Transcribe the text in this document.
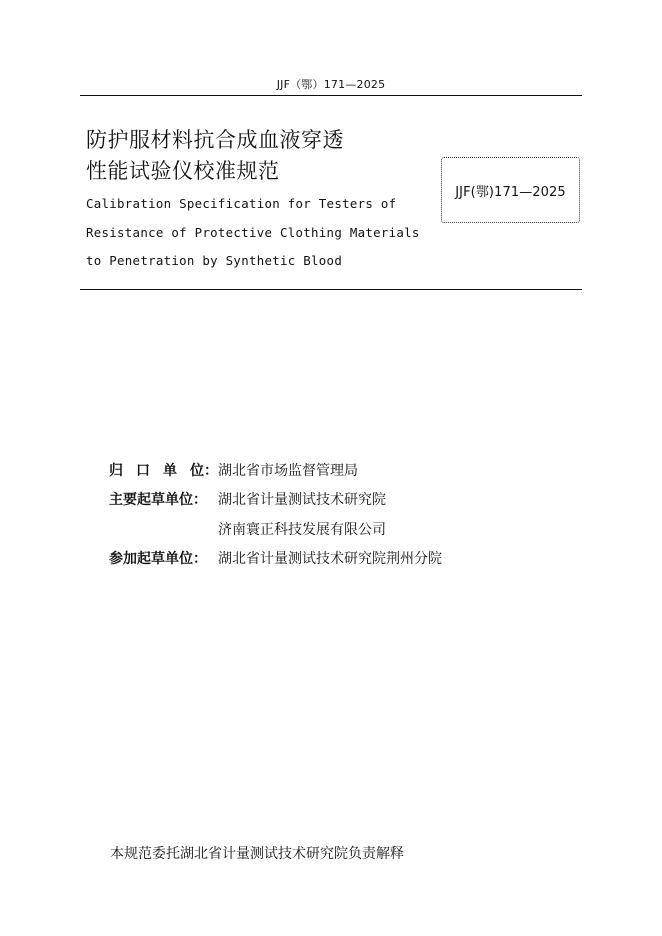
JJF（鄂）171—2025
防护服材料抗合成血液穿透
性能试验仪校准规范
Calibration Specification for Testers of
Resistance of Protective Clothing Materials
to Penetration by Synthetic Blood
JJF(鄂)171—2025
归 口 单 位： 湖北省市场监督管理局
主要起草单位： 湖北省计量测试技术研究院
济南寰正科技发展有限公司
参加起草单位： 湖北省计量测试技术研究院荆州分院
本规范委托湖北省计量测试技术研究院负责解释
